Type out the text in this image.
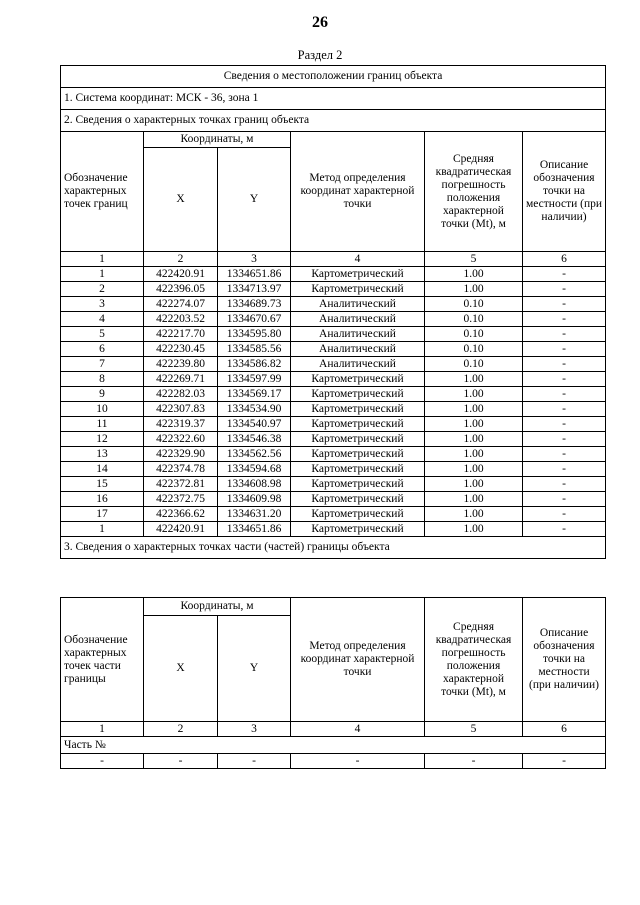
26
Раздел 2
Сведения о местоположении границ объекта					
1. Система координат: МСК - 36, зона 1					
2. Сведения о характерных точках границ объекта					
Обозначение характерных точек границ	Координаты, м		Метод определения координат характерной точки	Средняя квадратическая погрешность положения характерной точки (Mt), м	Описание обозначения точки на местности (при наличии)
	X	Y			
1	2	3	4	5	6
1	422420.91	1334651.86	Картометрический	1.00	-
2	422396.05	1334713.97	Картометрический	1.00	-
3	422274.07	1334689.73	Аналитический	0.10	-
4	422203.52	1334670.67	Аналитический	0.10	-
5	422217.70	1334595.80	Аналитический	0.10	-
6	422230.45	1334585.56	Аналитический	0.10	-
7	422239.80	1334586.82	Аналитический	0.10	-
8	422269.71	1334597.99	Картометрический	1.00	-
9	422282.03	1334569.17	Картометрический	1.00	-
10	422307.83	1334534.90	Картометрический	1.00	-
11	422319.37	1334540.97	Картометрический	1.00	-
12	422322.60	1334546.38	Картометрический	1.00	-
13	422329.90	1334562.56	Картометрический	1.00	-
14	422374.78	1334594.68	Картометрический	1.00	-
15	422372.81	1334608.98	Картометрический	1.00	-
16	422372.75	1334609.98	Картометрический	1.00	-
17	422366.62	1334631.20	Картометрический	1.00	-
1	422420.91	1334651.86	Картометрический	1.00	-
3. Сведения о характерных точках части (частей) границы объекта					
Обозначение характерных точек части границы	Координаты, м		Метод определения координат характерной точки	Средняя квадратическая погрешность положения характерной точки (Mt), м	Описание обозначения точки на местности (при наличии)
	X	Y			
1	2	3	4	5	6
Часть №					
-	-	-	-	-	-
